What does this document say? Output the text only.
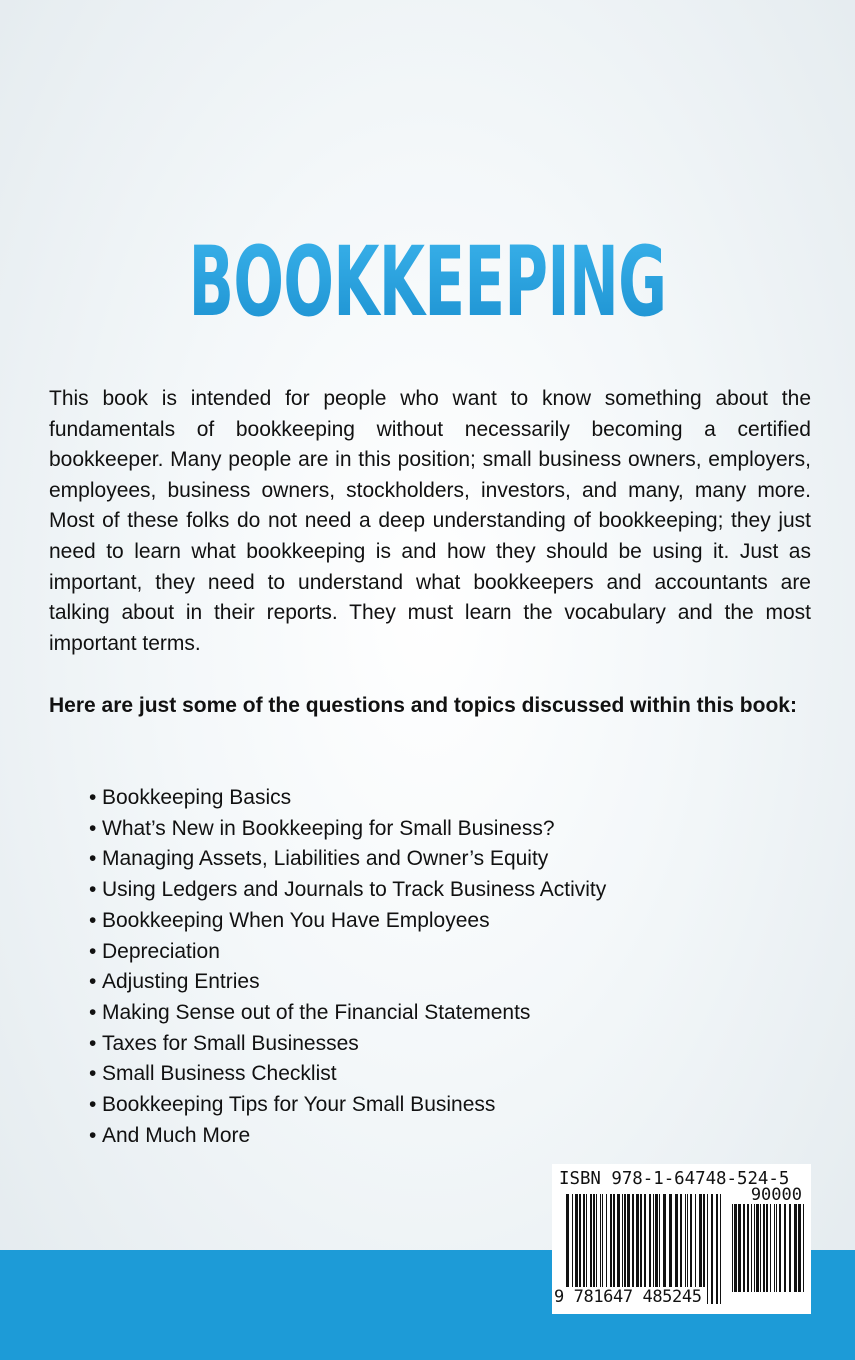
BOOKKEEPING

This book is intended for people who want to know something about the fundamentals of bookkeeping without necessarily becoming a certified bookkeeper. Many people are in this position; small business owners, employers, employees, business owners, stockholders, investors, and many, many more. Most of these folks do not need a deep understanding of bookkeeping; they just need to learn what bookkeeping is and how they should be using it. Just as important, they need to understand what bookkeepers and accountants are talking about in their reports. They must learn the vocabulary and the most important terms.

Here are just some of the questions and topics discussed within this book:

• Bookkeeping Basics
• What’s New in Bookkeeping for Small Business?
• Managing Assets, Liabilities and Owner’s Equity
• Using Ledgers and Journals to Track Business Activity
• Bookkeeping When You Have Employees
• Depreciation
• Adjusting Entries
• Making Sense out of the Financial Statements
• Taxes for Small Businesses
• Small Business Checklist
• Bookkeeping Tips for Your Small Business
• And Much More

ISBN 978-1-64748-524-5

90000

9 781647 485245
